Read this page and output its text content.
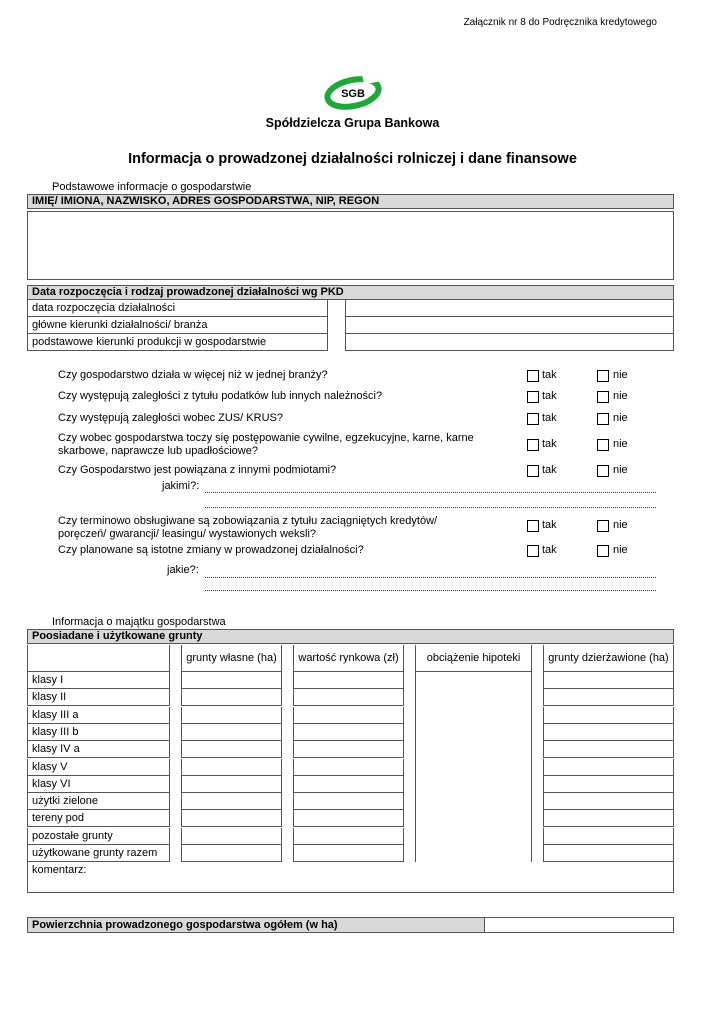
Załącznik nr 8 do Podręcznika kredytowego
SGB
Spółdzielcza Grupa Bankowa
Informacja o prowadzonej działalności rolniczej i dane finansowe
Podstawowe informacje o gospodarstwie
IMIĘ/ IMIONA, NAZWISKO, ADRES GOSPODARSTWA, NIP, REGON
Data rozpoczęcia i rodzaj prowadzonej działalności wg PKD
data rozpoczęcia działalności
główne kierunki działalności/ branża
podstawowe kierunki produkcji w gospodarstwie
Czy gospodarstwo działa w więcej niż w jednej branży?	tak	nie
Czy występują zaległości z tytułu podatków lub innych należności?	tak	nie
Czy występują zaległości wobec ZUS/ KRUS?	tak	nie
Czy wobec gospodarstwa toczy się postępowanie cywilne, egzekucyjne, karne, karne skarbowe, naprawcze lub upadłościowe?
tak	nie
Czy Gospodarstwo jest powiązana z innymi podmiotami?	tak	nie
Czy terminowo obsługiwane są zobowiązania z tytułu zaciągniętych kredytów/ poręczeń/ gwarancji/ leasingu/ wystawionych weksli?
tak	nie
Czy planowane są istotne zmiany w prowadzonej działalności?	tak	nie
jakimi?:
jakie?:
Informacja o majątku gospodarstwa
Poosiadane i użytkowane grunty
grunty własne (ha)	wartość rynkowa (zł)	obciążenie hipoteki	grunty dzierżawione (ha)
klasy I
klasy II
klasy III a
klasy III b
klasy IV a
klasy V
klasy VI
użytki zielone
tereny pod
pozostałe grunty
użytkowane grunty razem
komentarz:
Powierzchnia prowadzonego gospodarstwa ogółem (w ha)
